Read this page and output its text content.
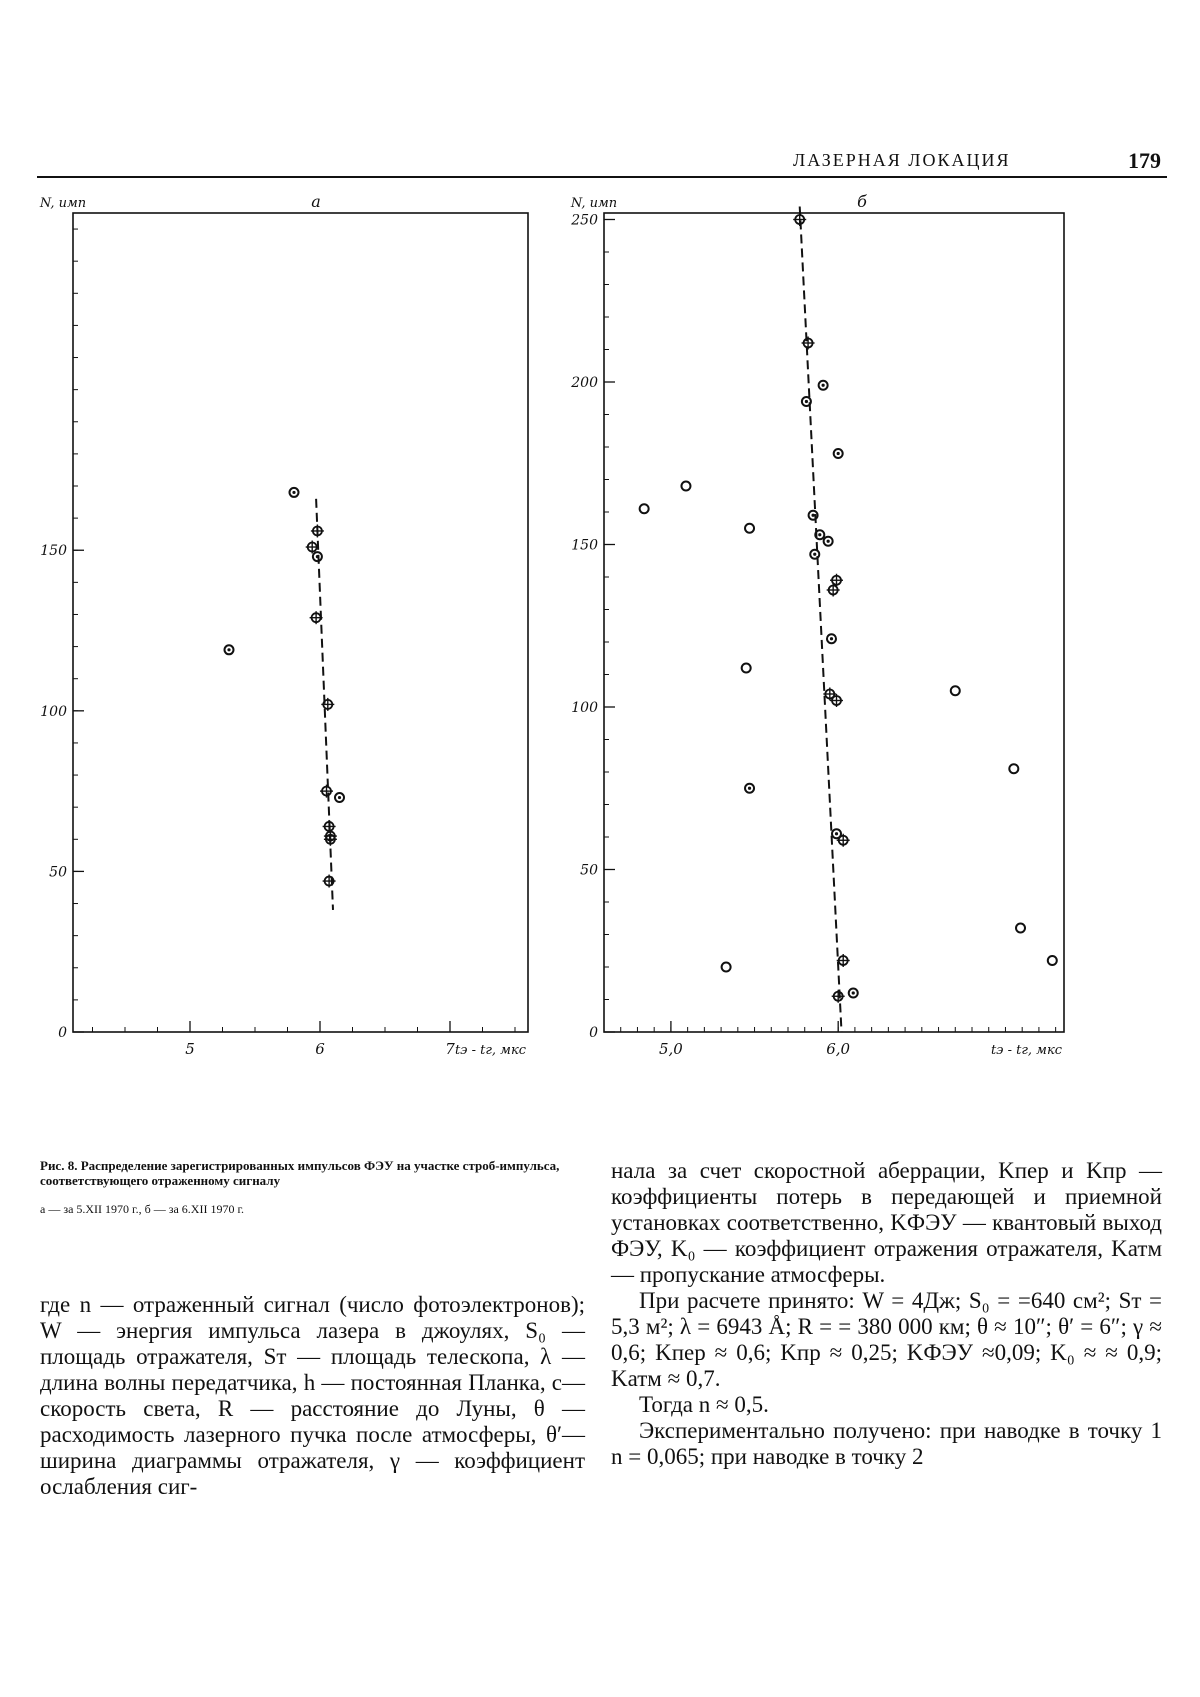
ЛАЗЕРНАЯ ЛОКАЦИЯ	179
5	6	7
0
50
100
150
N, имп
tэ - tг, мкс
а
5,0	6,0
0
50
100
150
200
250
N, имп
tэ - tг, мкс
б
Рис. 8. Распределение зарегистрированных импульсов ФЭУ на участке строб-импульса, соответствующего отраженному сигналу
а — за 5.XII 1970 г., б — за 6.XII 1970 г.

где n — отраженный сигнал (число фотоэлектронов); W — энергия импульса лазера в джоулях, S₀ — площадь отражателя, Sт — площадь телескопа, λ — длина волны передатчика, h — постоянная Планка, c— скорость света, R — расстояние до Луны, θ — расходимость лазерного пучка после атмосферы, θ′— ширина диаграммы отражателя, γ — коэффициент ослабления сиг-

нала за счет скоростной аберрации, Kпер и Kпр — коэффициенты потерь в передающей и приемной установках соответственно, KФЭУ — квантовый выход ФЭУ, K₀ — коэффициент отражения отражателя, Kатм — пропускание атмосферы.

При расчете принято: W = 4Дж; S₀ = =640 см²; Sт = 5,3 м²; λ = 6943 Å; R = = 380 000 км; θ ≈ 10″; θ′ = 6″; γ ≈ 0,6; Kпер ≈ 0,6; Kпр ≈ 0,25; KФЭУ ≈0,09; K₀ ≈ ≈ 0,9; Kатм ≈ 0,7.

Тогда n ≈ 0,5.

Экспериментально получено: при наводке в точку 1 n = 0,065; при наводке в точку 2
